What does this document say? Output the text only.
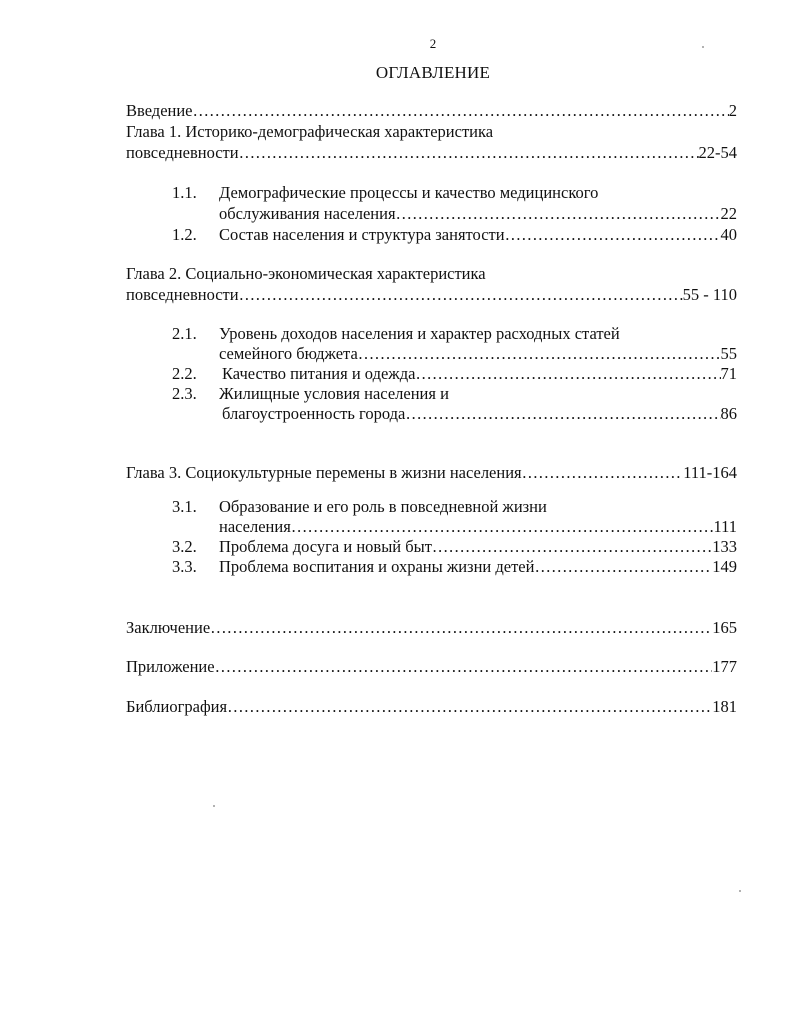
2
ОГЛАВЛЕНИЕ
Введение …………………………………………………………………………………………………………………………………………………………………………	2
Глава 1. Историко-демографическая характеристика
повседневности …………………………………………………………………………………………………………………………………………………………………………	22-54
1.1. Демографические процессы и качество медицинского
обслуживания населения …………………………………………………………………………………………………………………………………………………………………………	22
1.2. Состав населения и структура занятости …………………………………………………………………………………………………………………………………………………………………………	40
Глава 2. Социально-экономическая характеристика
повседневности …………………………………………………………………………………………………………………………………………………………………………	55 - 110
2.1. Уровень доходов населения и характер расходных статей
семейного бюджета …………………………………………………………………………………………………………………………………………………………………………	55
2.2. Качество питания и одежда …………………………………………………………………………………………………………………………………………………………………………	71
2.3. Жилищные условия населения и
благоустроенность города …………………………………………………………………………………………………………………………………………………………………………	86
Глава 3. Социокультурные перемены в жизни населения …………………………………………………………………………………………………………………………………………………………………………	111-164
3.1. Образование и его роль в повседневной жизни
населения …………………………………………………………………………………………………………………………………………………………………………	111
3.2. Проблема досуга и новый быт …………………………………………………………………………………………………………………………………………………………………………	133
3.3. Проблема воспитания и охраны жизни детей …………………………………………………………………………………………………………………………………………………………………………	149
Заключение …………………………………………………………………………………………………………………………………………………………………………	165
Приложение …………………………………………………………………………………………………………………………………………………………………………	177
Библиография …………………………………………………………………………………………………………………………………………………………………………	181
